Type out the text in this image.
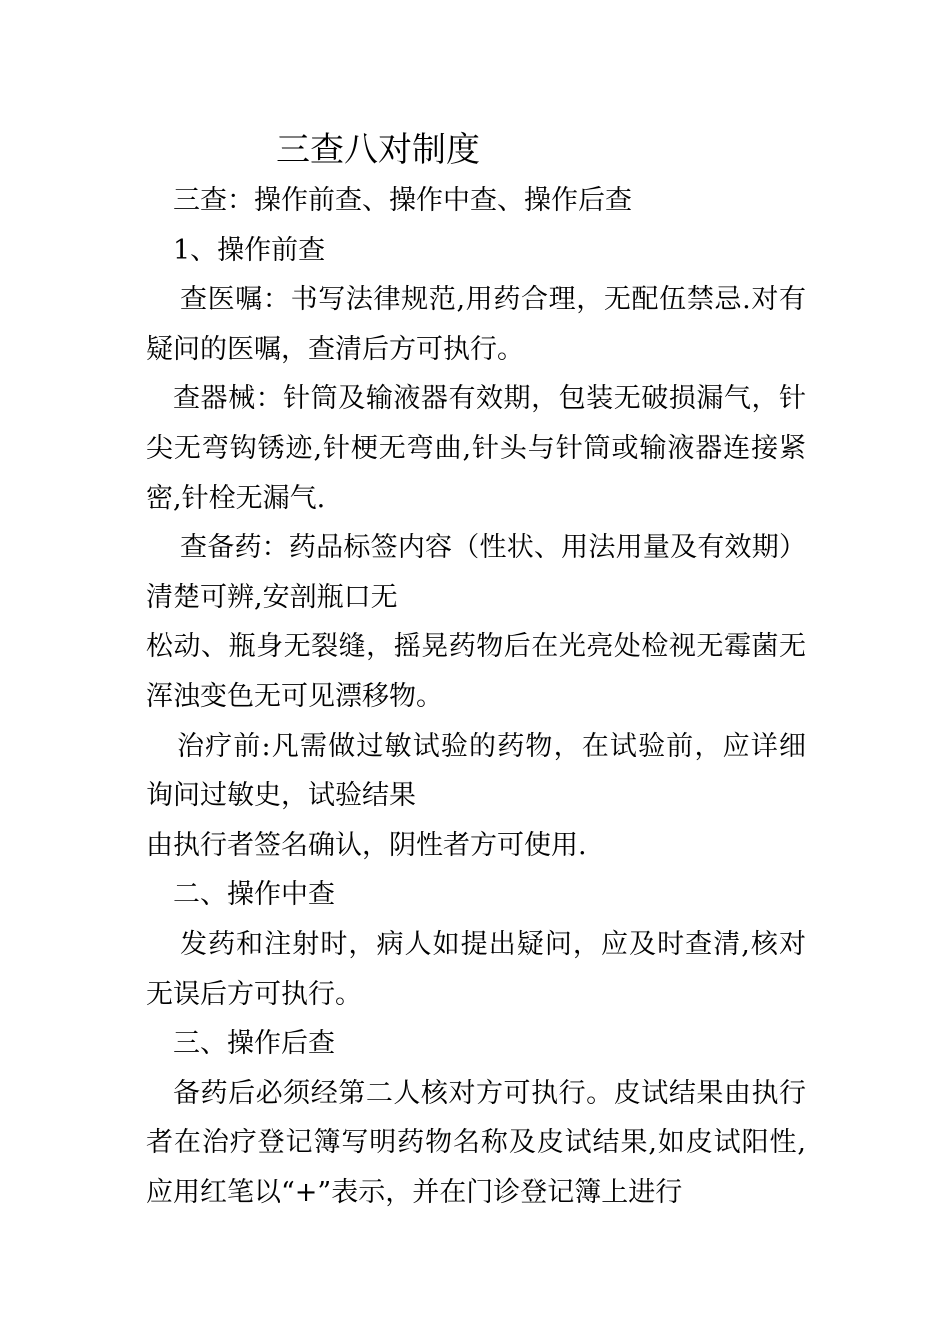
三查八对制度

三查：操作前查、操作中查、操作后查

1、操作前查

查医嘱：书写法律规范,用药合理，无配伍禁忌.对有疑问的医嘱，查清后方可执行。

查器械：针筒及输液器有效期，包装无破损漏气，针尖无弯钩锈迹,针梗无弯曲,针头与针筒或输液器连接紧密,针栓无漏气.

查备药：药品标签内容（性状、用法用量及有效期）清楚可辨,安剖瓶口无

松动、瓶身无裂缝，摇晃药物后在光亮处检视无霉菌无浑浊变色无可见漂移物。

治疗前:凡需做过敏试验的药物，在试验前，应详细询问过敏史，试验结果

由执行者签名确认，阴性者方可使用.

二、操作中查

发药和注射时，病人如提出疑问，应及时查清,核对无误后方可执行。

三、操作后查

备药后必须经第二人核对方可执行。皮试结果由执行者在治疗登记簿写明药物名称及皮试结果,如皮试阳性,应用红笔以“+”表示，并在门诊登记簿上进行
